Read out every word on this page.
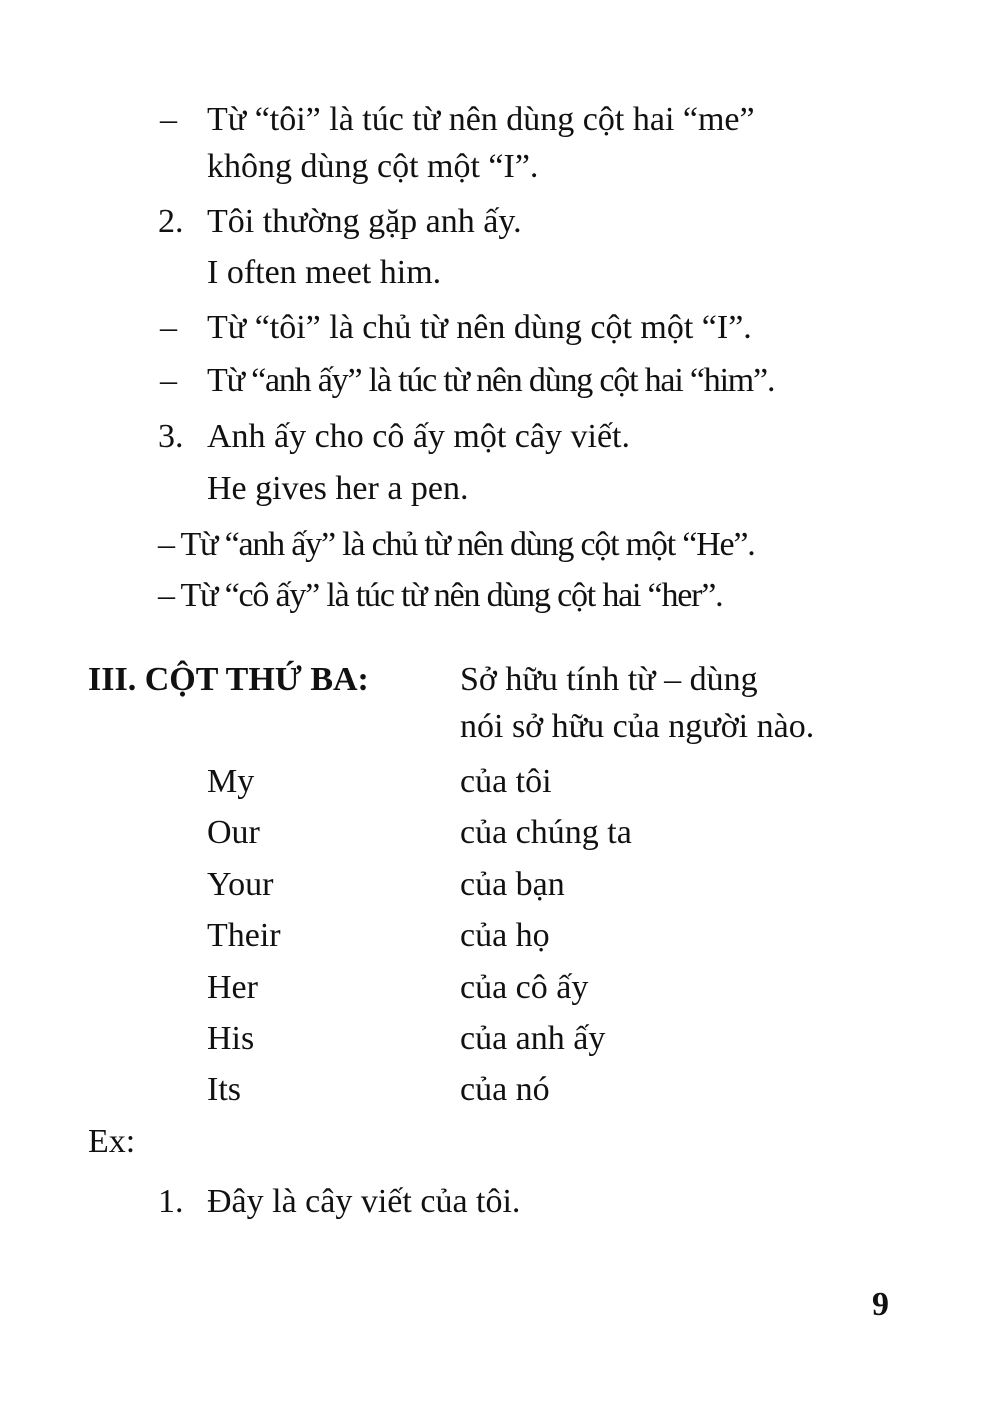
– Từ “tôi” là túc từ nên dùng cột hai “me”
không dùng cột một “I”.
2. Tôi thường gặp anh ấy.
I often meet him.
– Từ “tôi” là chủ từ nên dùng cột một “I”.
– Từ “anh ấy” là túc từ nên dùng cột hai “him”.
3. Anh ấy cho cô ấy một cây viết.
He gives her a pen.
– Từ “anh ấy” là chủ từ nên dùng cột một “He”.
– Từ “cô ấy” là túc từ nên dùng cột hai “her”.
III. CỘT THỨ BA:	Sở hữu tính từ – dùng
nói sở hữu của người nào.
My	của tôi
Our	của chúng ta
Your	của bạn
Their	của họ
Her	của cô ấy
His	của anh ấy
Its	của nó
Ex:
1. Đây là cây viết của tôi.
9
